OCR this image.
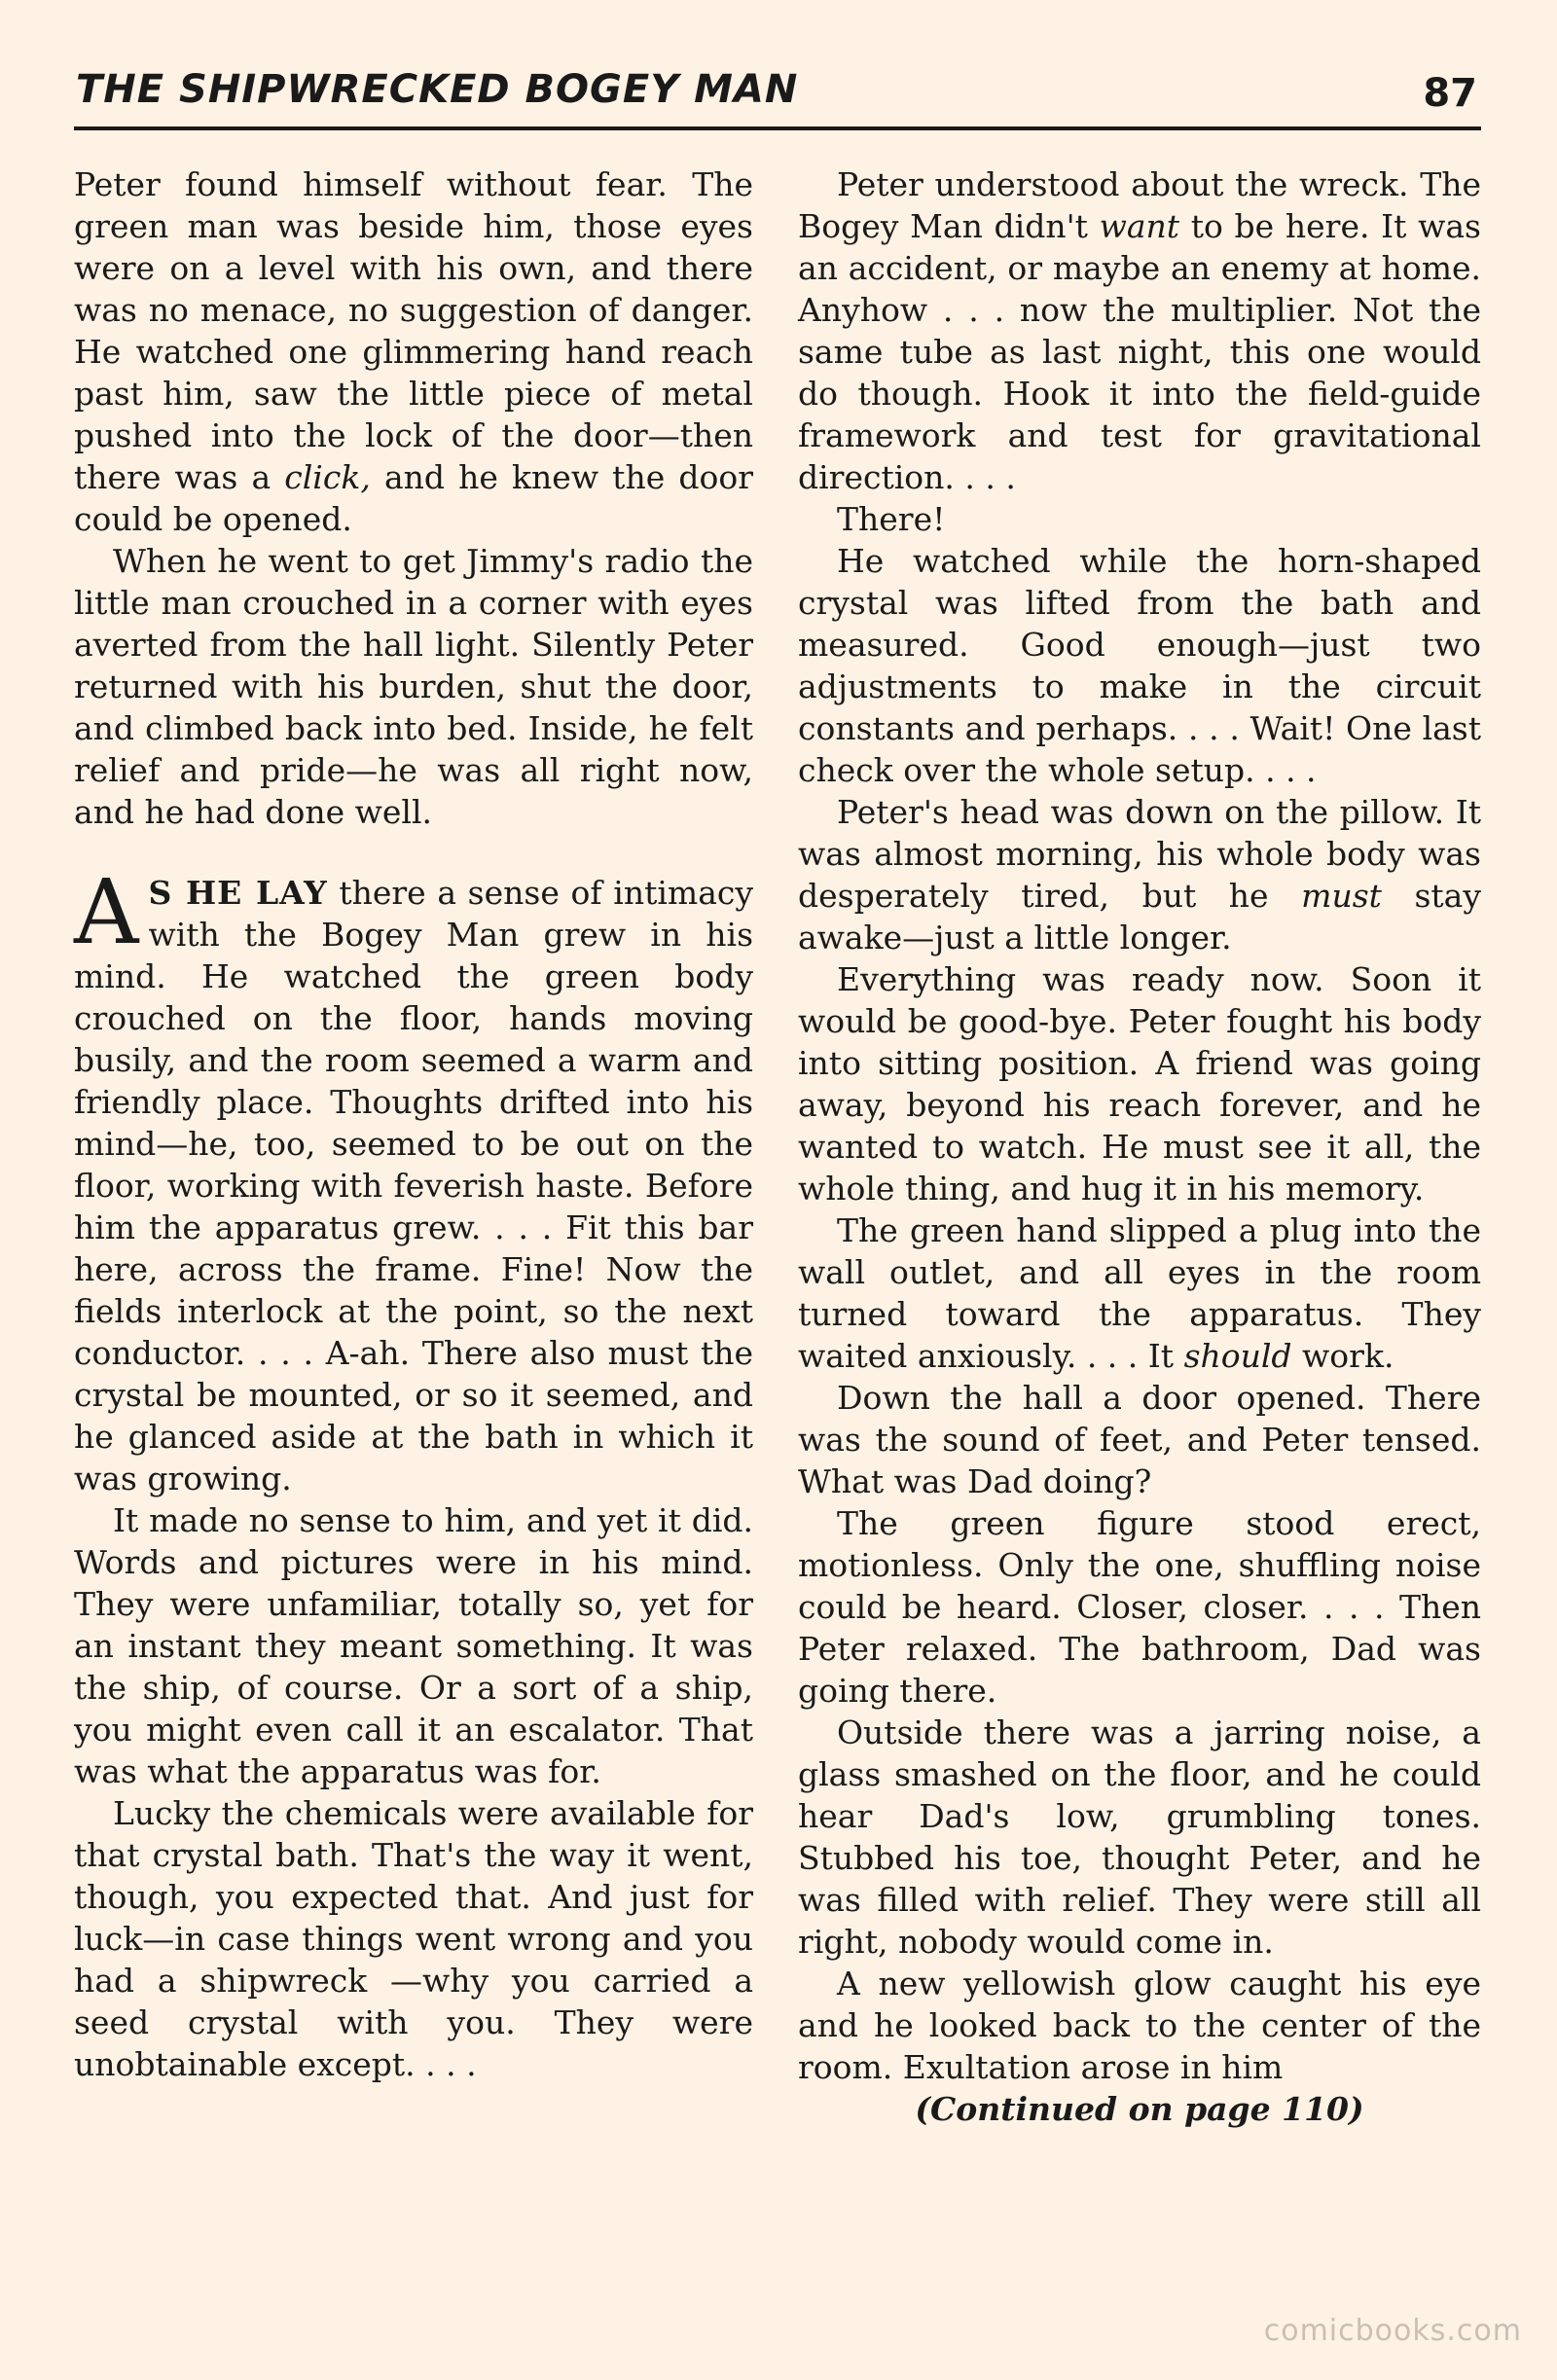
THE SHIPWRECKED BOGEY MAN	87

Peter found himself without fear. The green man was beside him, those eyes were on a level with his own, and there was no menace, no suggestion of danger. He watched one glimmering hand reach past him, saw the little piece of metal pushed into the lock of the door—then there was a click, and he knew the door could be opened.

When he went to get Jimmy's radio the little man crouched in a corner with eyes averted from the hall light. Silently Peter returned with his burden, shut the door, and climbed back into bed. Inside, he felt relief and pride—he was all right now, and he had done well.

A S HE LAY there a sense of intimacy with the Bogey Man grew in his mind. He watched the green body crouched on the floor, hands moving busily, and the room seemed a warm and friendly place. Thoughts drifted into his mind—he, too, seemed to be out on the floor, working with feverish haste. Before him the apparatus grew. . . . Fit this bar here, across the frame. Fine! Now the fields interlock at the point, so the next conductor. . . . A-ah. There also must the crystal be mounted, or so it seemed, and he glanced aside at the bath in which it was growing.

It made no sense to him, and yet it did. Words and pictures were in his mind. They were unfamiliar, totally so, yet for an instant they meant something. It was the ship, of course. Or a sort of a ship, you might even call it an escalator. That was what the apparatus was for.

Lucky the chemicals were available for that crystal bath. That's the way it went, though, you expected that. And just for luck—in case things went wrong and you had a shipwreck —why you carried a seed crystal with you. They were unobtainable except. . . .

Peter understood about the wreck. The Bogey Man didn't want to be here. It was an accident, or maybe an enemy at home. Anyhow . . . now the multiplier. Not the same tube as last night, this one would do though. Hook it into the field-guide framework and test for gravitational direction. . . .

There!

He watched while the horn-shaped crystal was lifted from the bath and measured. Good enough—just two adjustments to make in the circuit constants and perhaps. . . . Wait! One last check over the whole setup. . . .

Peter's head was down on the pillow. It was almost morning, his whole body was desperately tired, but he must stay awake—just a little longer.

Everything was ready now. Soon it would be good-bye. Peter fought his body into sitting position. A friend was going away, beyond his reach forever, and he wanted to watch. He must see it all, the whole thing, and hug it in his memory.

The green hand slipped a plug into the wall outlet, and all eyes in the room turned toward the apparatus. They waited anxiously. . . . It should work.

Down the hall a door opened. There was the sound of feet, and Peter tensed. What was Dad doing?

The green figure stood erect, motionless. Only the one, shuffling noise could be heard. Closer, closer. . . . Then Peter relaxed. The bathroom, Dad was going there.

Outside there was a jarring noise, a glass smashed on the floor, and he could hear Dad's low, grumbling tones. Stubbed his toe, thought Peter, and he was filled with relief. They were still all right, nobody would come in.

A new yellowish glow caught his eye and he looked back to the center of the room. Exultation arose in him

(Continued on page 110)

comicbooks.com
